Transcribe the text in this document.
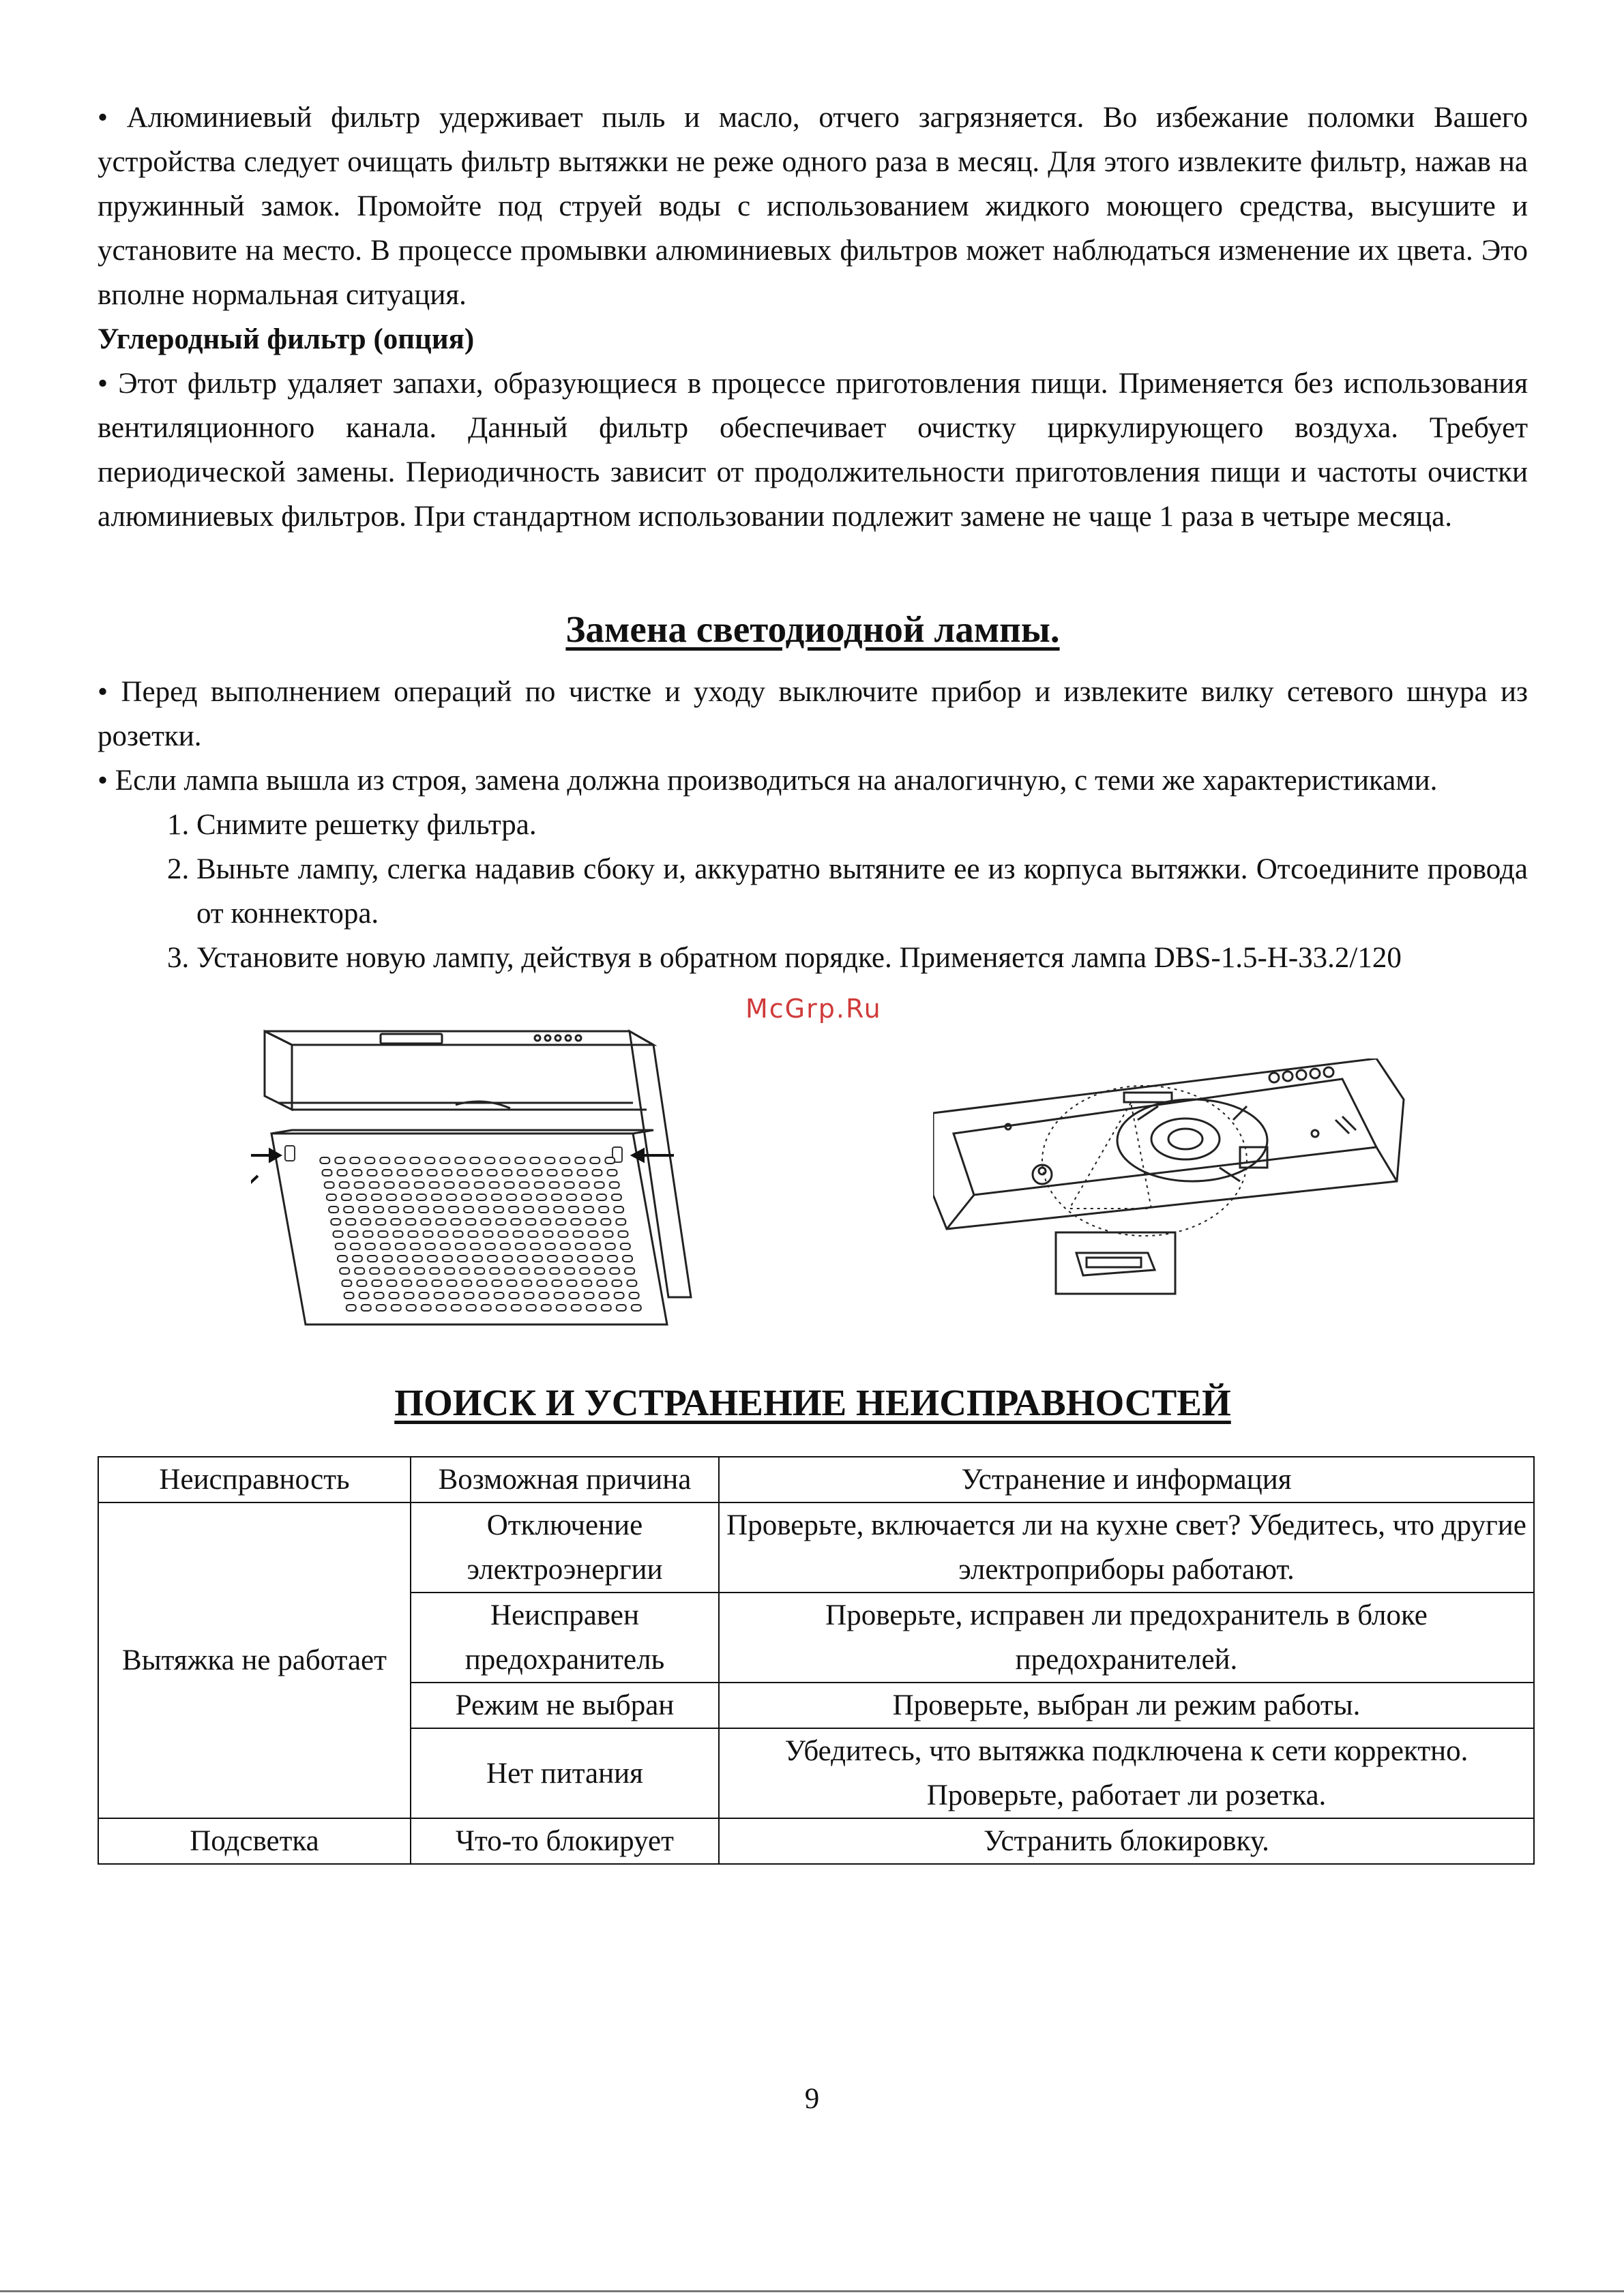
• Алюминиевый фильтр удерживает пыль и масло, отчего загрязняется. Во избежание поломки Вашего устройства следует очищать фильтр вытяжки не реже одного раза в месяц. Для этого извлеките фильтр, нажав на пружинный замок. Промойте под струей воды с использованием жидкого моющего средства, высушите и установите на место. В процессе промывки алюминиевых фильтров может наблюдаться изменение их цвета. Это вполне нормальная ситуация.

Углеродный фильтр (опция)

• Этот фильтр удаляет запахи, образующиеся в процессе приготовления пищи. Применяется без использования вентиляционного канала. Данный фильтр обеспечивает очистку циркулирующего воздуха. Требует периодической замены. Периодичность зависит от продолжительности приготовления пищи и частоты очистки алюминиевых фильтров. При стандартном использовании подлежит замене не чаще 1 раза в четыре месяца.

Замена светодиодной лампы.

• Перед выполнением операций по чистке и уходу выключите прибор и извлеките вилку сетевого шнура из розетки.

• Если лампа вышла из строя, замена должна производиться на аналогичную, с теми же характеристиками.

1. Снимите решетку фильтра.
2. Выньте лампу, слегка надавив сбоку и, аккуратно вытяните ее из корпуса вытяжки. Отсоедините провода от коннектора.
3. Установите новую лампу, действуя в обратном порядке. Применяется лампа DBS-1.5-H-33.2/120
McGrp.Ru
ПОИСК И УСТРАНЕНИЕ НЕИСПРАВНОСТЕЙ
Неисправность	Возможная причина	Устранение и информация
Вытяжка не работает	Отключение электроэнергии	Проверьте, включается ли на кухне свет? Убедитесь, что другие электроприборы работают.
	Неисправен предохранитель	Проверьте, исправен ли предохранитель в блоке предохранителей.
	Режим не выбран	Проверьте, выбран ли режим работы.
	Нет питания	Убедитесь, что вытяжка подключена к сети корректно. Проверьте, работает ли розетка.
Подсветка	Что-то блокирует	Устранить блокировку.
9
